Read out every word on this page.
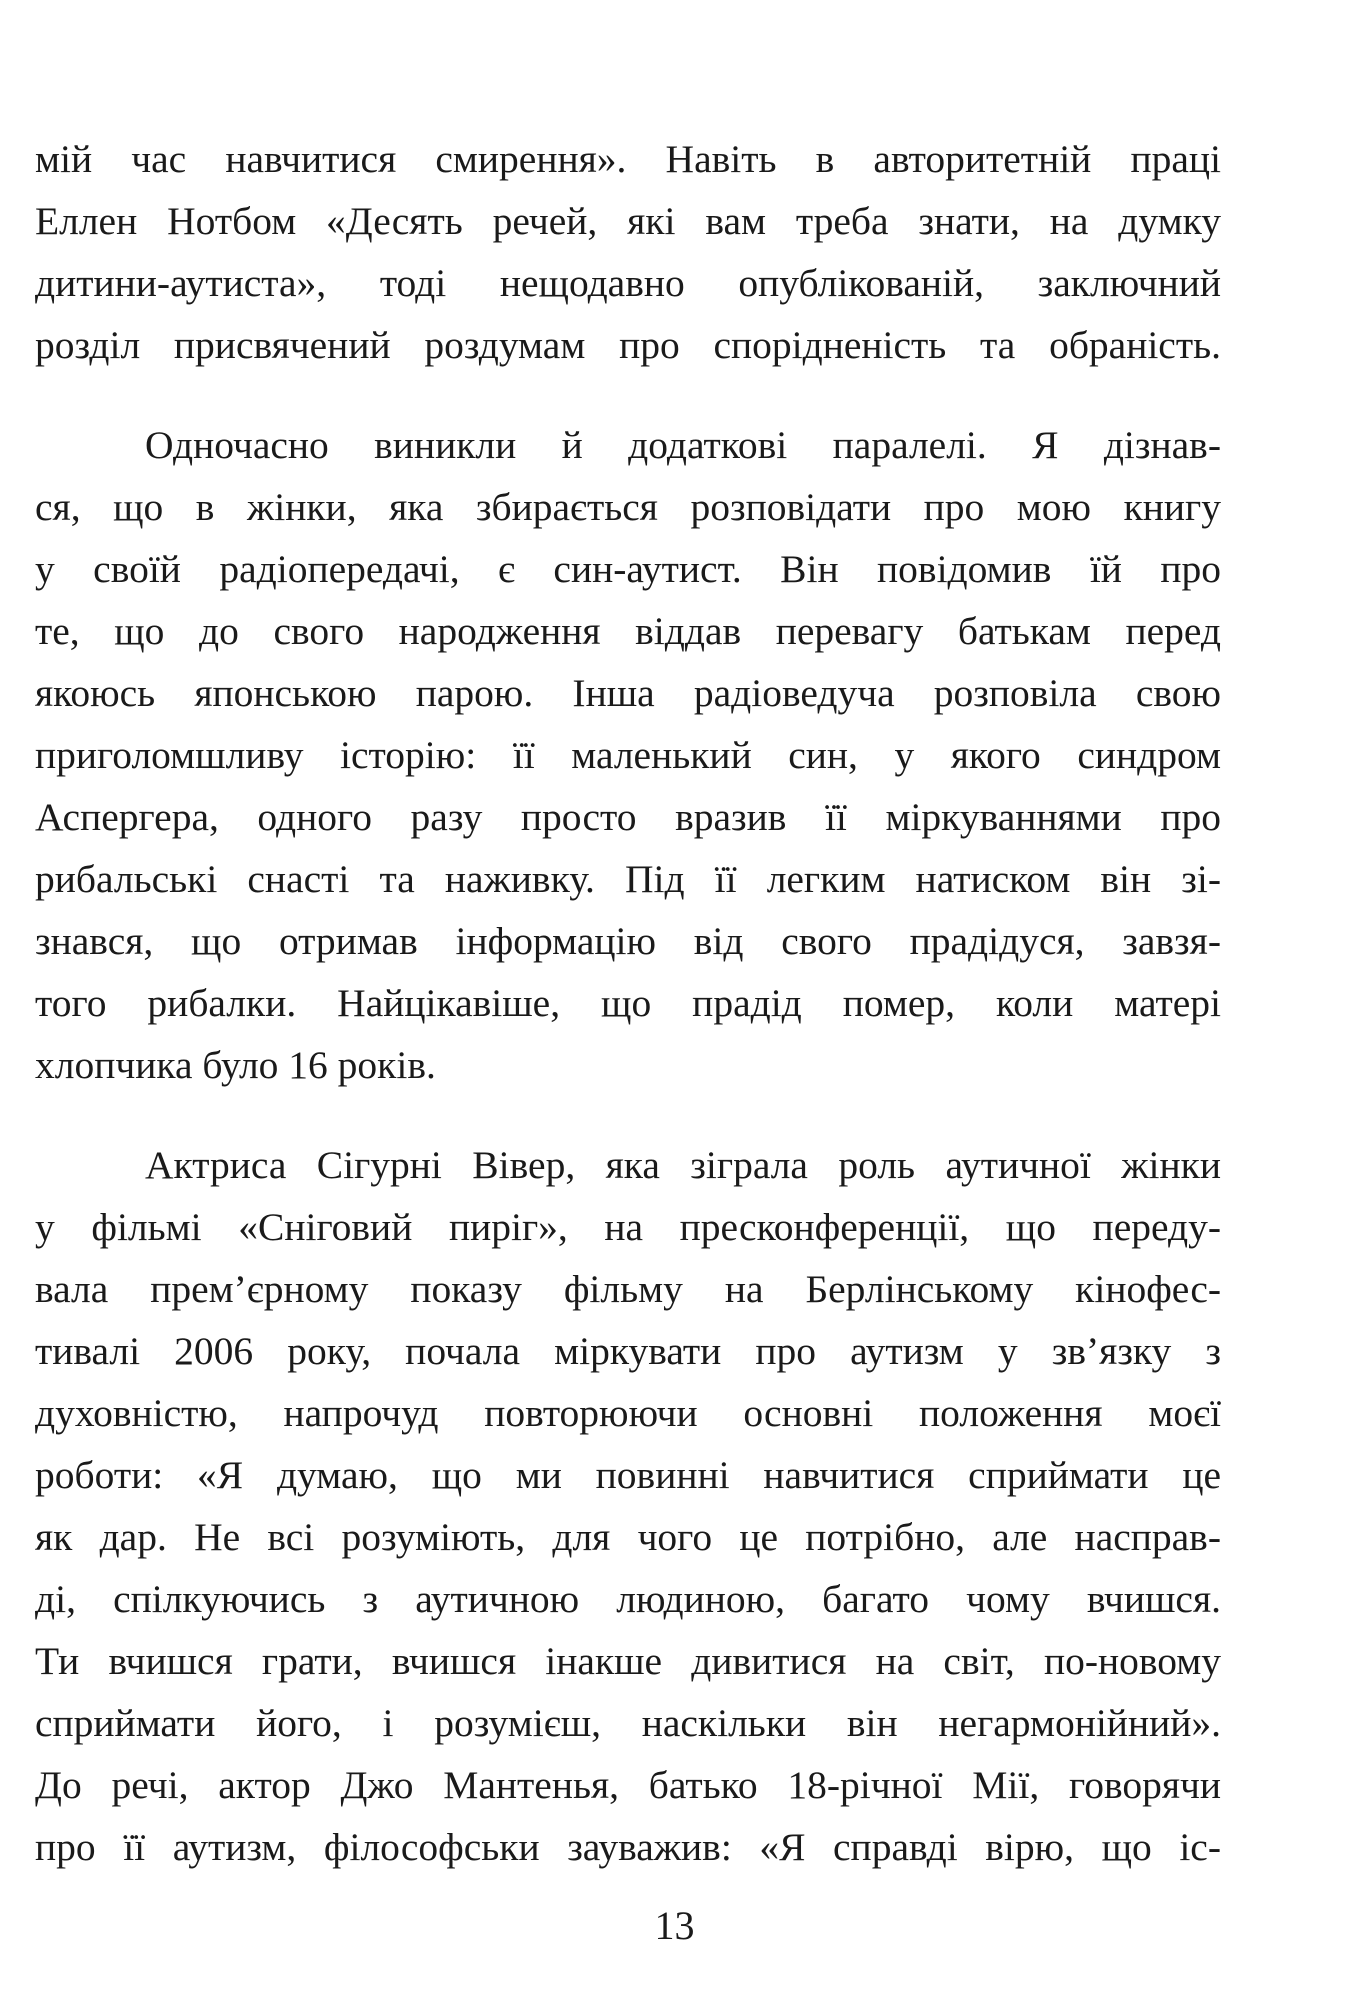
мій час навчитися смирення». Навіть в авторитетній праці
Еллен Нотбом «Десять речей, які вам треба знати, на думку
дитини-аутиста», тоді нещодавно опублікованій, заключний
розділ присвячений роздумам про спорідненість та обраність.
Одночасно виникли й додаткові паралелі. Я дізнав-
ся, що в жінки, яка збирається розповідати про мою книгу
у своїй радіопередачі, є син-аутист. Він повідомив їй про
те, що до свого народження віддав перевагу батькам перед
якоюсь японською парою. Інша радіоведуча розповіла свою
приголомшливу історію: її маленький син, у якого синдром
Аспергера, одного разу просто вразив її міркуваннями про
рибальські снасті та наживку. Під її легким натиском він зі-
знався, що отримав інформацію від свого прадідуся, завзя-
того рибалки. Найцікавіше, що прадід помер, коли матері
хлопчика було 16 років.
Актриса Сігурні Вівер, яка зіграла роль аутичної жінки
у фільмі «Сніговий пиріг», на пресконференції, що переду-
вала прем’єрному показу фільму на Берлінському кінофес-
тивалі 2006 року, почала міркувати про аутизм у зв’язку з
духовністю, напрочуд повторюючи основні положення моєї
роботи: «Я думаю, що ми повинні навчитися сприймати це
як дар. Не всі розуміють, для чого це потрібно, але насправ-
ді, спілкуючись з аутичною людиною, багато чому вчишся.
Ти вчишся грати, вчишся інакше дивитися на світ, по-новому
сприймати його, і розумієш, наскільки він негармонійний».
До речі, актор Джо Мантенья, батько 18-річної Мії, говорячи
про її аутизм, філософськи зауважив: «Я справді вірю, що іс-
13
